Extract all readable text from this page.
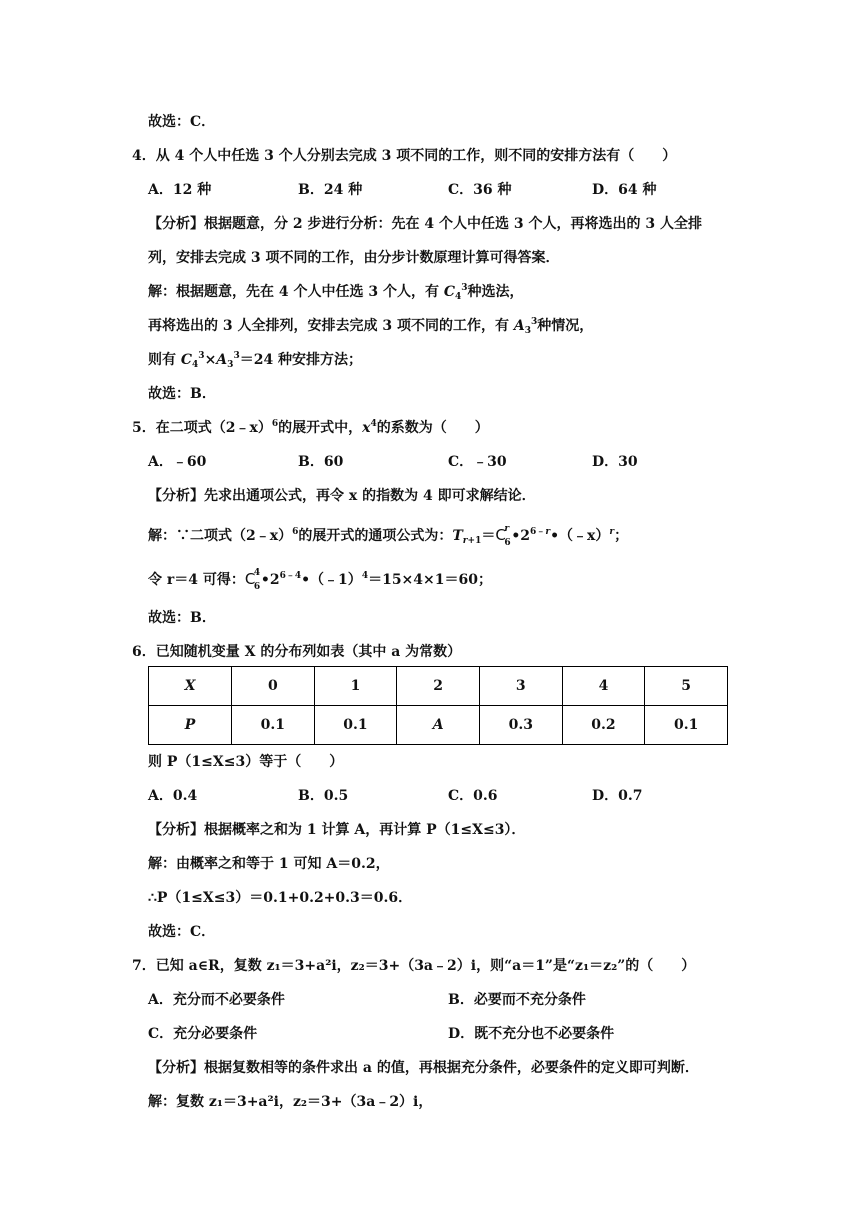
故选：C．
4．从 4 个人中任选 3 个人分别去完成 3 项不同的工作，则不同的安排方法有（　　）
A．12 种	B．24 种	C．36 种	D．64 种
【分析】根据题意，分 2 步进行分析：先在 4 个人中任选 3 个人，再将选出的 3 人全排
列，安排去完成 3 项不同的工作，由分步计数原理计算可得答案．
解：根据题意，先在 4 个人中任选 3 个人，有 $C_4^3$种选法，
再将选出的 3 人全排列，安排去完成 3 项不同的工作，有 $A_3^3$种情况，
则有 $C_4^3\times A_3^3=24$ 种安排方法；
故选：B．
5．在二项式（2﹣x）$^6$的展开式中，$x^4$的系数为（　　）
A．﹣60	B．60	C．﹣30	D．30
【分析】先求出通项公式，再令 x 的指数为 4 即可求解结论．
解：∵二项式（2﹣x）$^6$的展开式的通项公式为：$T_{r+1}= C$
r
6 $•2^{6﹣r}•(﹣x)^r$；
令 r＝4 可得： C
4
6 $•2^{6﹣4}•(﹣1)^4=15\times 4\times 1=60$；
故选：B．
6．已知随机变量 X 的分布列如表（其中 a 为常数）
X	0	1	2	3	4	5
P	0.1	0.1	A	0.3	0.2	0.1
则 P（1≤X≤3）等于（　　）
A．0.4	B．0.5	C．0.6	D．0.7
【分析】根据概率之和为 1 计算 A，再计算 P（1≤X≤3）．
解：由概率之和等于 1 可知 A＝0.2，
∴P（1≤X≤3）＝0.1+0.2+0.3＝0.6．
故选：C．
7．已知 a∈R，复数 z₁＝3+a²i，z₂＝3+（3a﹣2）i，则“a＝1”是“z₁＝z₂”的（　　）
A．充分而不必要条件	B．必要而不充分条件
C．充分必要条件	D．既不充分也不必要条件
【分析】根据复数相等的条件求出 a 的值，再根据充分条件，必要条件的定义即可判断．
解：复数 z₁＝3+a²i，z₂＝3+（3a﹣2）i，
